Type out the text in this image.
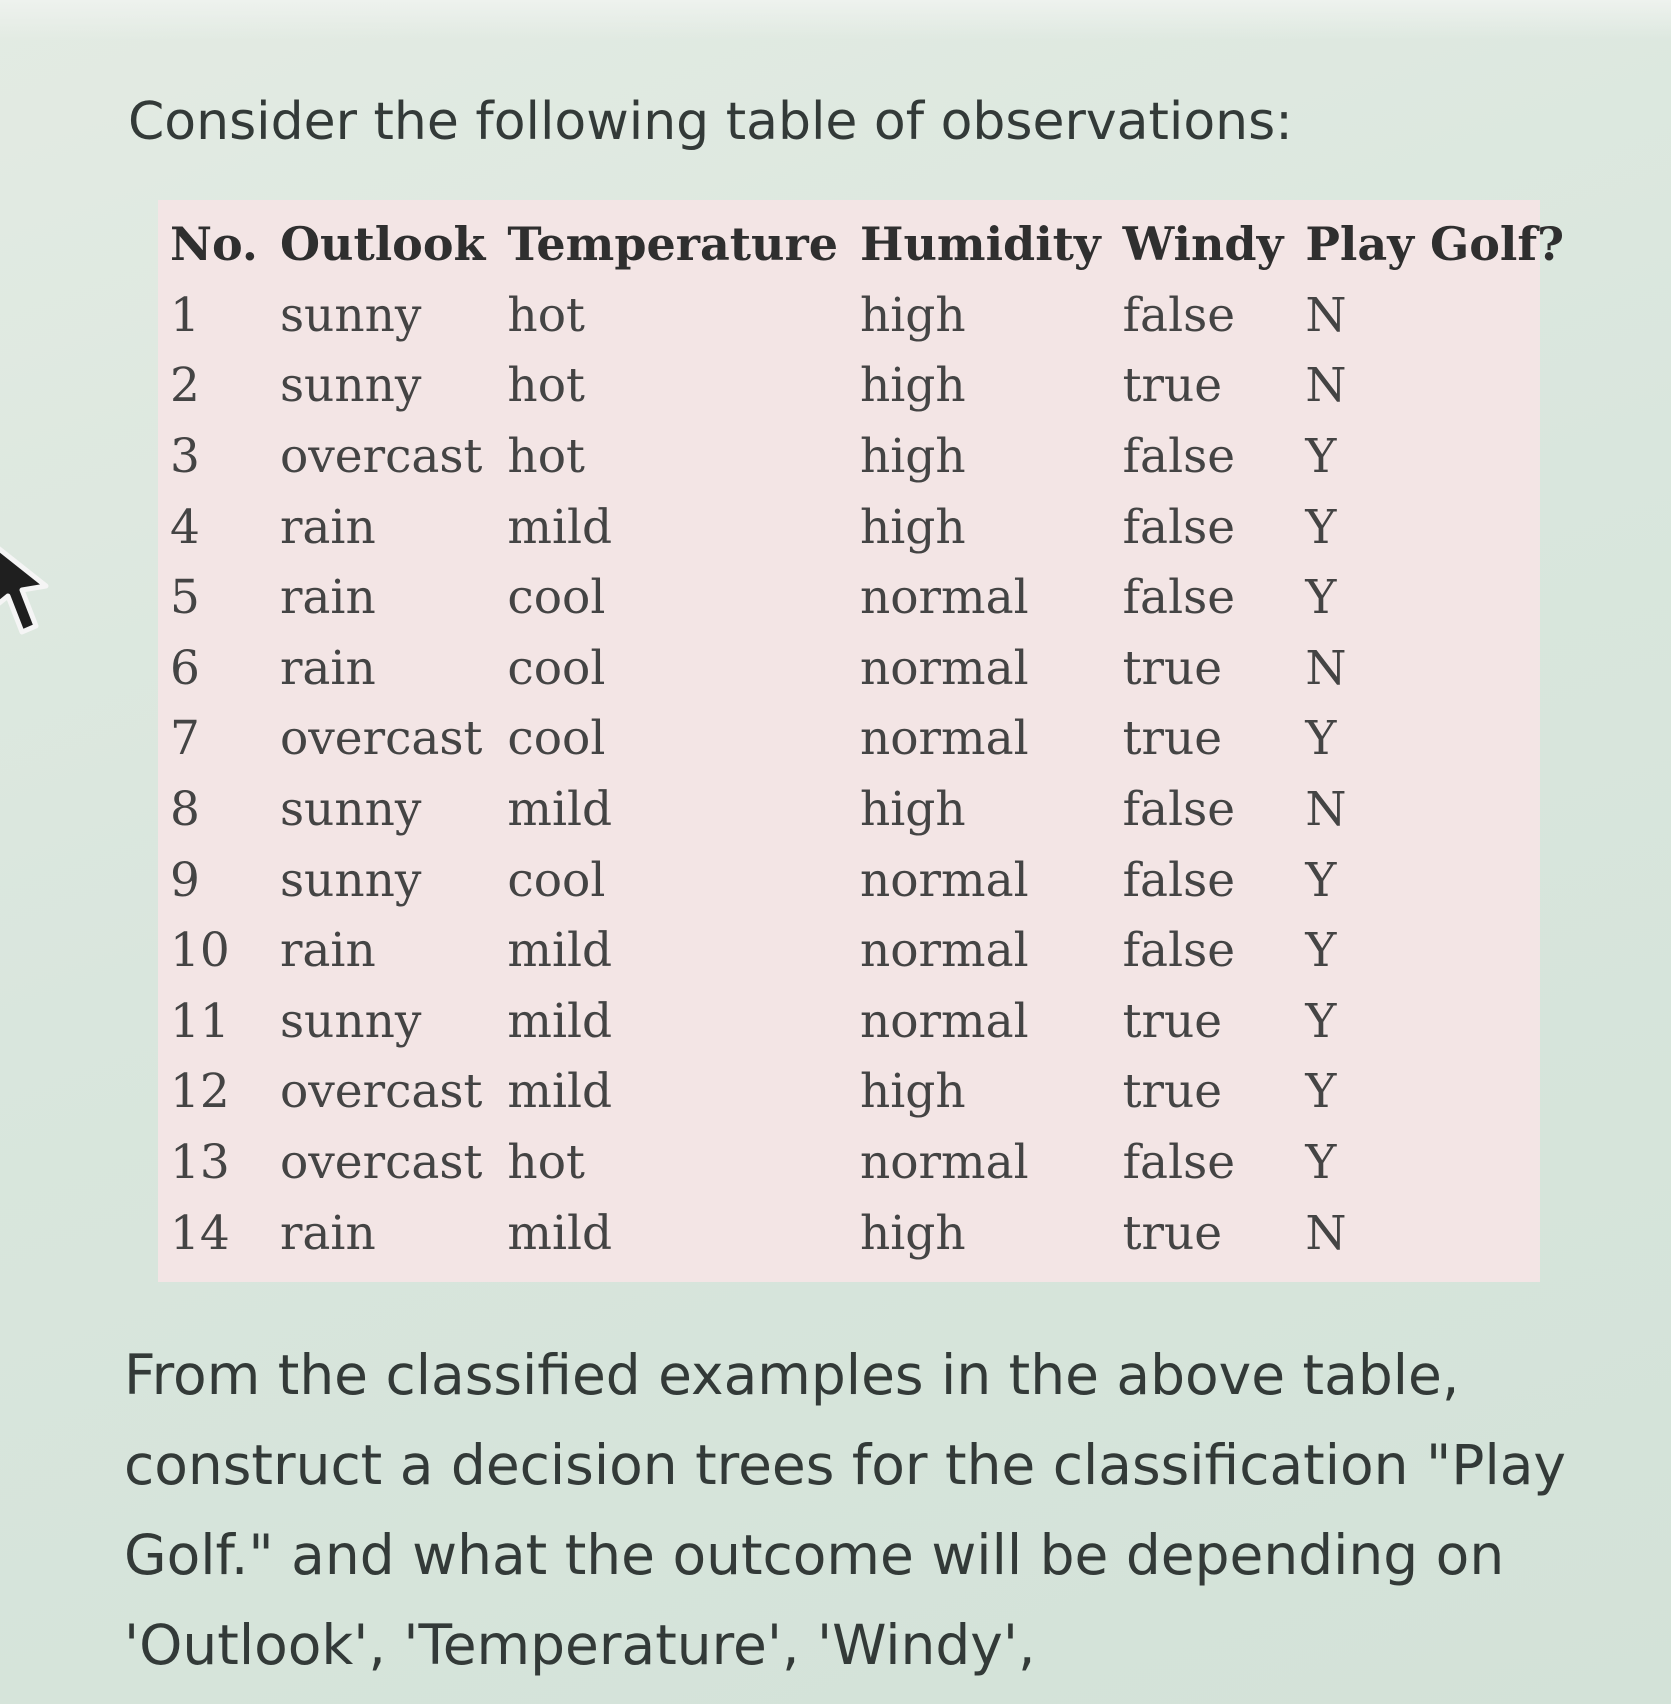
Consider the following table of observations:
No.	Outlook	Temperature	Humidity	Windy	Play Golf?
1	sunny	hot	high	false	N
2	sunny	hot	high	true	N
3	overcast	hot	high	false	Y
4	rain	mild	high	false	Y
5	rain	cool	normal	false	Y
6	rain	cool	normal	true	N
7	overcast	cool	normal	true	Y
8	sunny	mild	high	false	N
9	sunny	cool	normal	false	Y
10	rain	mild	normal	false	Y
11	sunny	mild	normal	true	Y
12	overcast	mild	high	true	Y
13	overcast	hot	normal	false	Y
14	rain	mild	high	true	N

From the classified examples in the above table, construct a decision trees for the classification "Play Golf." and what the outcome will be depending on 'Outlook', 'Temperature', 'Windy',
